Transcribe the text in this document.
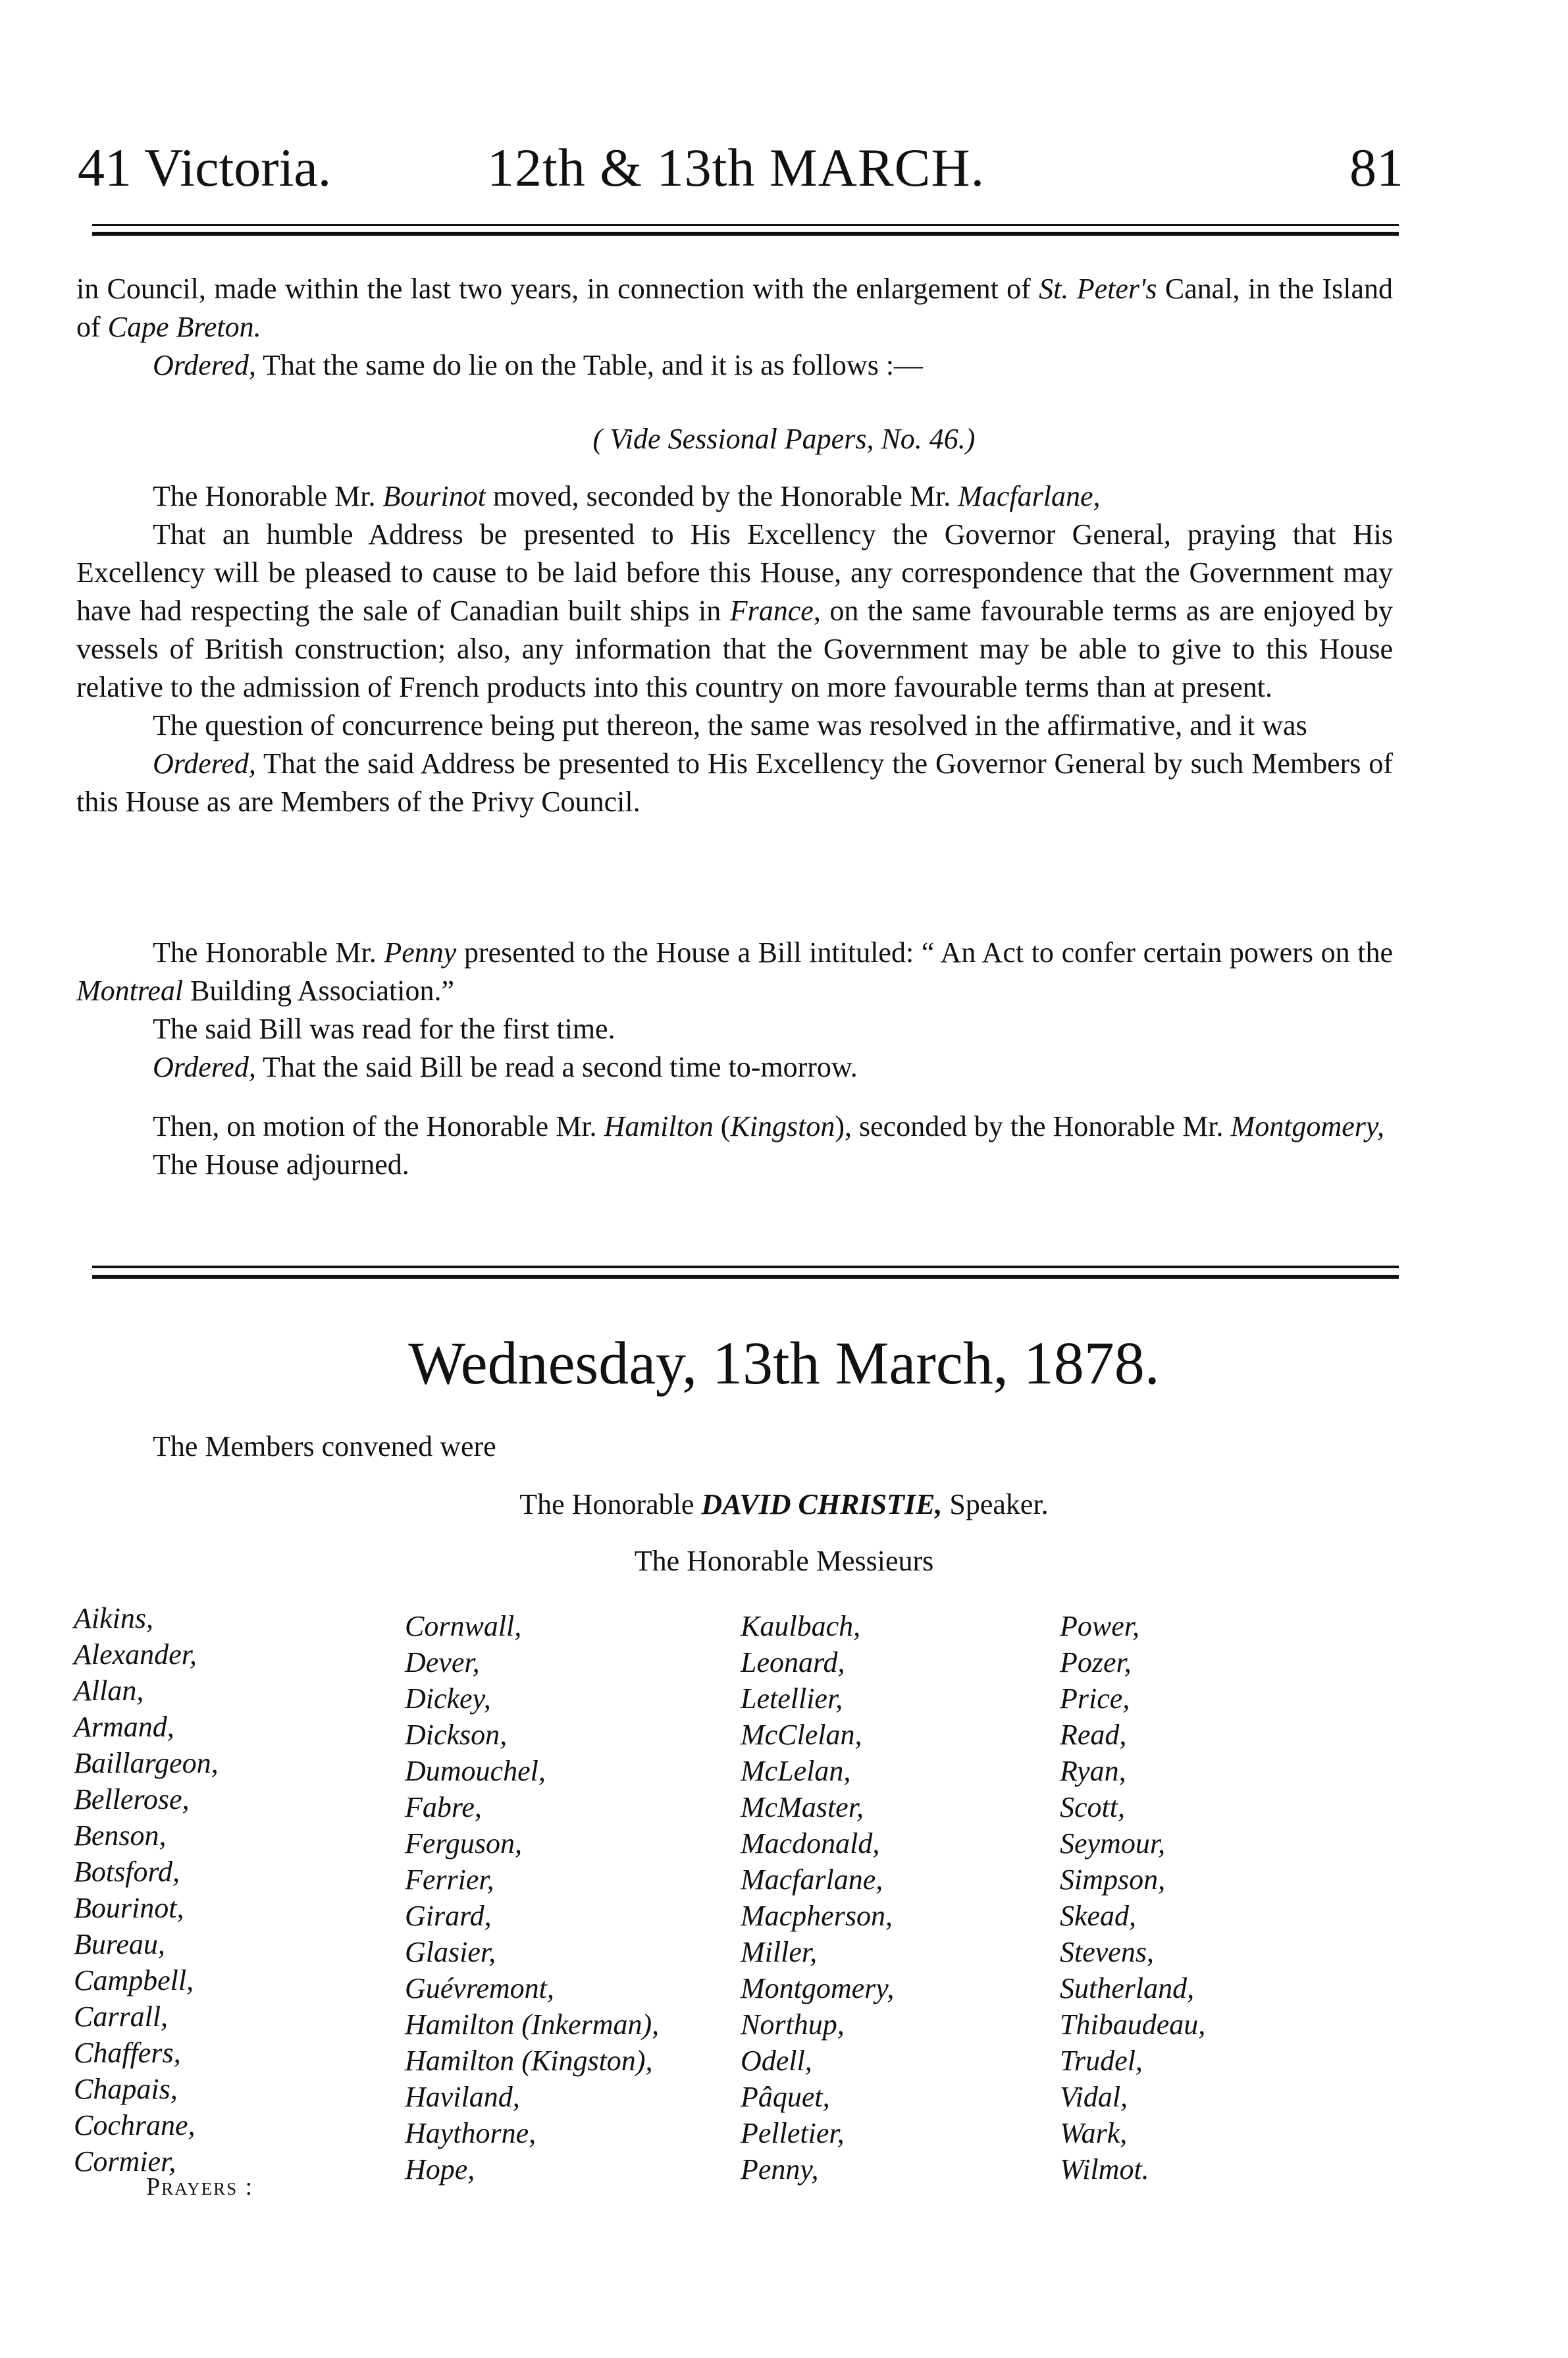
41 Victoria.	12th & 13th MARCH.	81

in Council, made within the last two years, in connection with the enlargement of St. Peter's Canal, in the Island of Cape Breton.

Ordered, That the same do lie on the Table, and it is as follows :—

( Vide Sessional Papers, No. 46.)

The Honorable Mr. Bourinot moved, seconded by the Honorable Mr. Macfarlane,

That an humble Address be presented to His Excellency the Governor General, praying that His Excellency will be pleased to cause to be laid before this House, any correspondence that the Government may have had respecting the sale of Canadian built ships in France, on the same favourable terms as are enjoyed by vessels of British construction; also, any information that the Government may be able to give to this House relative to the admission of French products into this country on more favourable terms than at present.

The question of concurrence being put thereon, the same was resolved in the affirmative, and it was

Ordered, That the said Address be presented to His Excellency the Governor General by such Members of this House as are Members of the Privy Council.

The Honorable Mr. Penny presented to the House a Bill intituled: “ An Act to confer certain powers on the Montreal Building Association.”

The said Bill was read for the first time.

Ordered, That the said Bill be read a second time to-morrow.

Then, on motion of the Honorable Mr. Hamilton (Kingston), seconded by the Honorable Mr. Montgomery,

The House adjourned.

Wednesday, 13th March, 1878.
The Members convened were
The Honorable DAVID CHRISTIE, Speaker.
The Honorable Messieurs
Aikins,
Alexander,
Allan,
Armand,
Baillargeon,
Bellerose,
Benson,
Botsford,
Bourinot,
Bureau,
Campbell,
Carrall,
Chaffers,
Chapais,
Cochrane,
Cormier,
Cornwall,
Dever,
Dickey,
Dickson,
Dumouchel,
Fabre,
Ferguson,
Ferrier,
Girard,
Glasier,
Guévremont,
Hamilton (Inkerman),
Hamilton (Kingston),
Haviland,
Haythorne,
Hope,
Kaulbach,
Leonard,
Letellier,
McClelan,
McLelan,
McMaster,
Macdonald,
Macfarlane,
Macpherson,
Miller,
Montgomery,
Northup,
Odell,
Pâquet,
Pelletier,
Penny,
Power,
Pozer,
Price,
Read,
Ryan,
Scott,
Seymour,
Simpson,
Skead,
Stevens,
Sutherland,
Thibaudeau,
Trudel,
Vidal,
Wark,
Wilmot.
Prayers :
